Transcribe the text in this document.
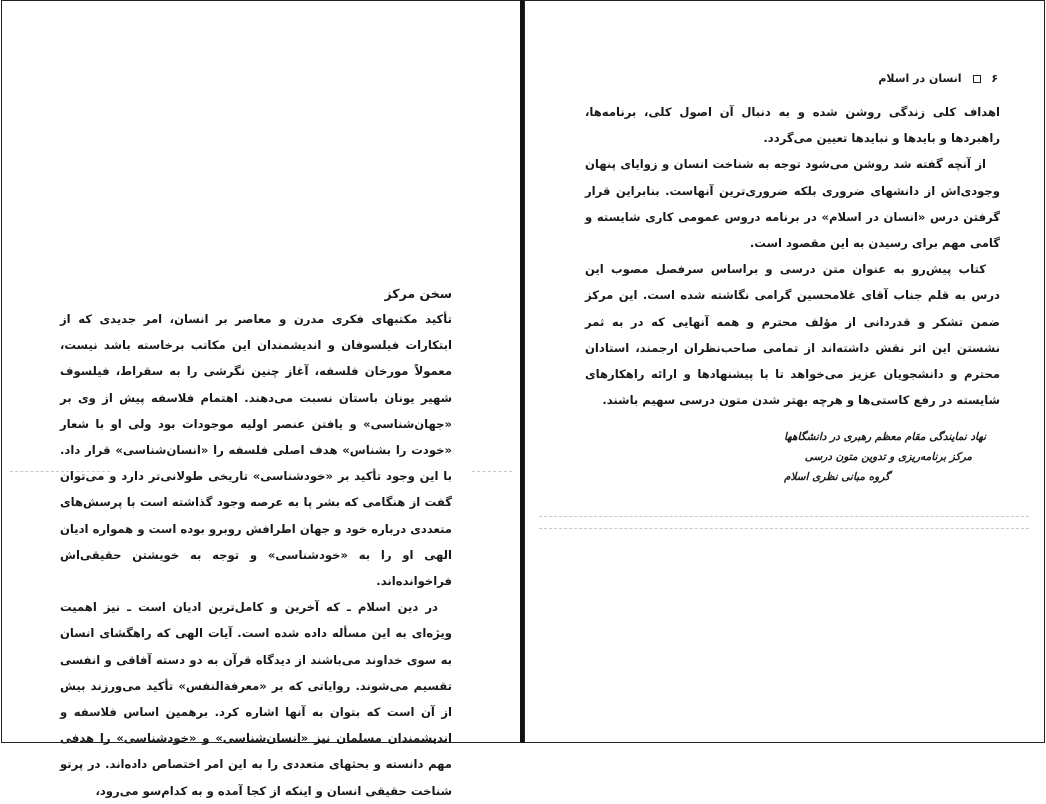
سخن مرکز

تأکید مکتبهای فکری مدرن و معاصر بر انسان، امر جدیدی که از ابتکارات فیلسوفان و اندیشمندان این مکاتب برخاسته باشد نیست، معمولاً مورخان فلسفه، آغاز چنین نگرشی را به سقراط، فیلسوف شهیر یونان باستان نسبت می‌دهند. اهتمام فلاسفه پیش از وی بر «جهان‌شناسی» و یافتن عنصر اولیه موجودات بود ولی او با شعار «خودت را بشناس» هدف اصلی فلسفه را «انسان‌شناسی» قرار داد. با این وجود تأکید بر «خودشناسی» تاریخی طولانی‌تر دارد و می‌توان گفت از هنگامی که بشر پا به عرصه وجود گذاشته است با پرسش‌های متعددی درباره خود و جهان اطرافش روبرو بوده است و همواره ادیان الهی او را به «خودشناسی» و توجه به خویشتن حقیقی‌اش فراخوانده‌اند.

در دین اسلام ـ که آخرین و کامل‌ترین ادیان است ـ نیز اهمیت ویژه‌ای به این مسأله داده شده است. آیات الهی که راهگشای انسان به سوی خداوند می‌باشند از دیدگاه قرآن به دو دسته آفاقی و انفسی تقسیم می‌شوند. روایاتی که بر «معرفةالنفس» تأکید می‌ورزند بیش از آن است که بتوان به آنها اشاره کرد. برهمین اساس فلاسفه و اندیشمندان مسلمان نیز «انسان‌شناسی» و «خودشناسی» را هدفی مهم دانسته و بحثهای متعددی را به این امر اختصاص داده‌اند. در پرتو شناخت حقیقی انسان و اینکه از کجا آمده و به کدام‌سو می‌رود،

۶  انسان در اسلام

اهداف کلی زندگی روشن شده و به دنبال آن اصول کلی، برنامه‌ها، راهبردها و بایدها و نبایدها تعیین می‌گردد.

از آنچه گفته شد روشن می‌شود توجه به شناخت انسان و زوایای پنهان وجودی‌اش از دانشهای ضروری بلکه ضروری‌ترین آنهاست. بنابراین قرار گرفتن درس «انسان در اسلام» در برنامه دروس عمومی کاری شایسته و گامی مهم برای رسیدن به این مقصود است.

کتاب پیش‌رو به عنوان متن درسی و براساس سرفصل مصوب این درس به قلم جناب آقای غلامحسین گرامی نگاشته شده است. این مرکز ضمن تشکر و قدردانی از مؤلف محترم و همه آنهایی که در به ثمر نشستن این اثر نقش داشته‌اند از تمامی صاحب‌نظران ارجمند، استادان محترم و دانشجویان عزیز می‌خواهد تا با پیشنهادها و ارائه راهکارهای شایسته در رفع کاستی‌ها و هرچه بهتر شدن متون درسی سهیم باشند.

نهاد نمایندگی مقام معظم رهبری در دانشگاهها
مرکز برنامه‌ریزی و تدوین متون درسی
گروه مبانی نظری اسلام
